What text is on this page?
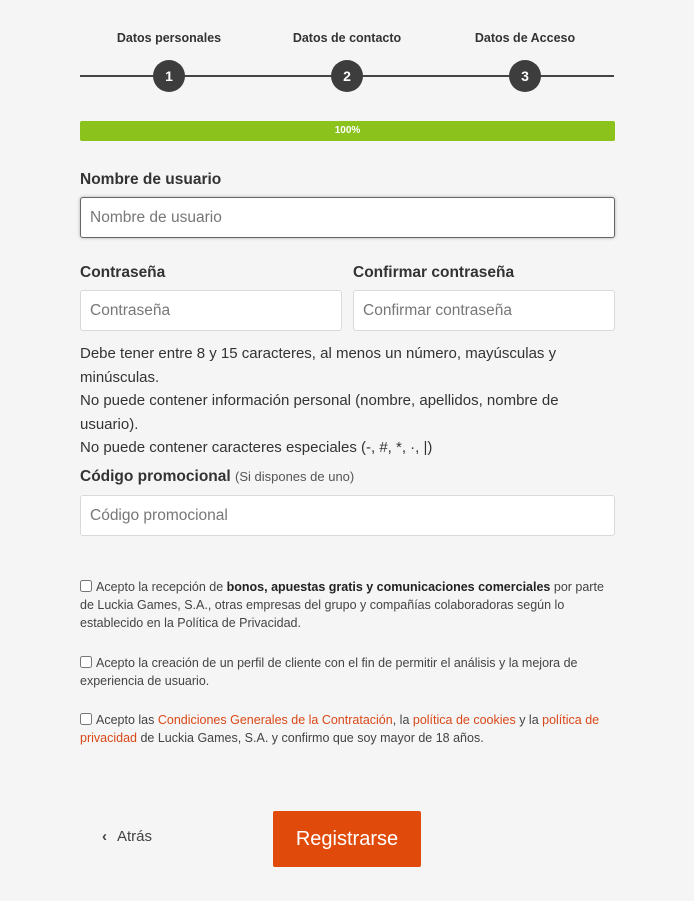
Datos personales
1
Datos de contacto
2
Datos de Acceso
3
100%
Nombre de usuario
Nombre de usuario
Contraseña	Confirmar contraseña
Debe tener entre 8 y 15 caracteres, al menos un número, mayúsculas y minúsculas.
No puede contener información personal (nombre, apellidos, nombre de usuario).
No puede contener caracteres especiales (-, #, *, ·, |)
Código promocional (Si dispones de uno)
Código promocional
Acepto la recepción de bonos, apuestas gratis y comunicaciones comerciales por parte de Luckia Games, S.A., otras empresas del grupo y compañías colaboradoras según lo establecido en la Política de Privacidad.
Acepto la creación de un perfil de cliente con el fin de permitir el análisis y la mejora de experiencia de usuario.
Acepto las Condiciones Generales de la Contratación, la política de cookies y la política de privacidad de Luckia Games, S.A. y confirmo que soy mayor de 18 años.
‹ Atrás	Registrarse
